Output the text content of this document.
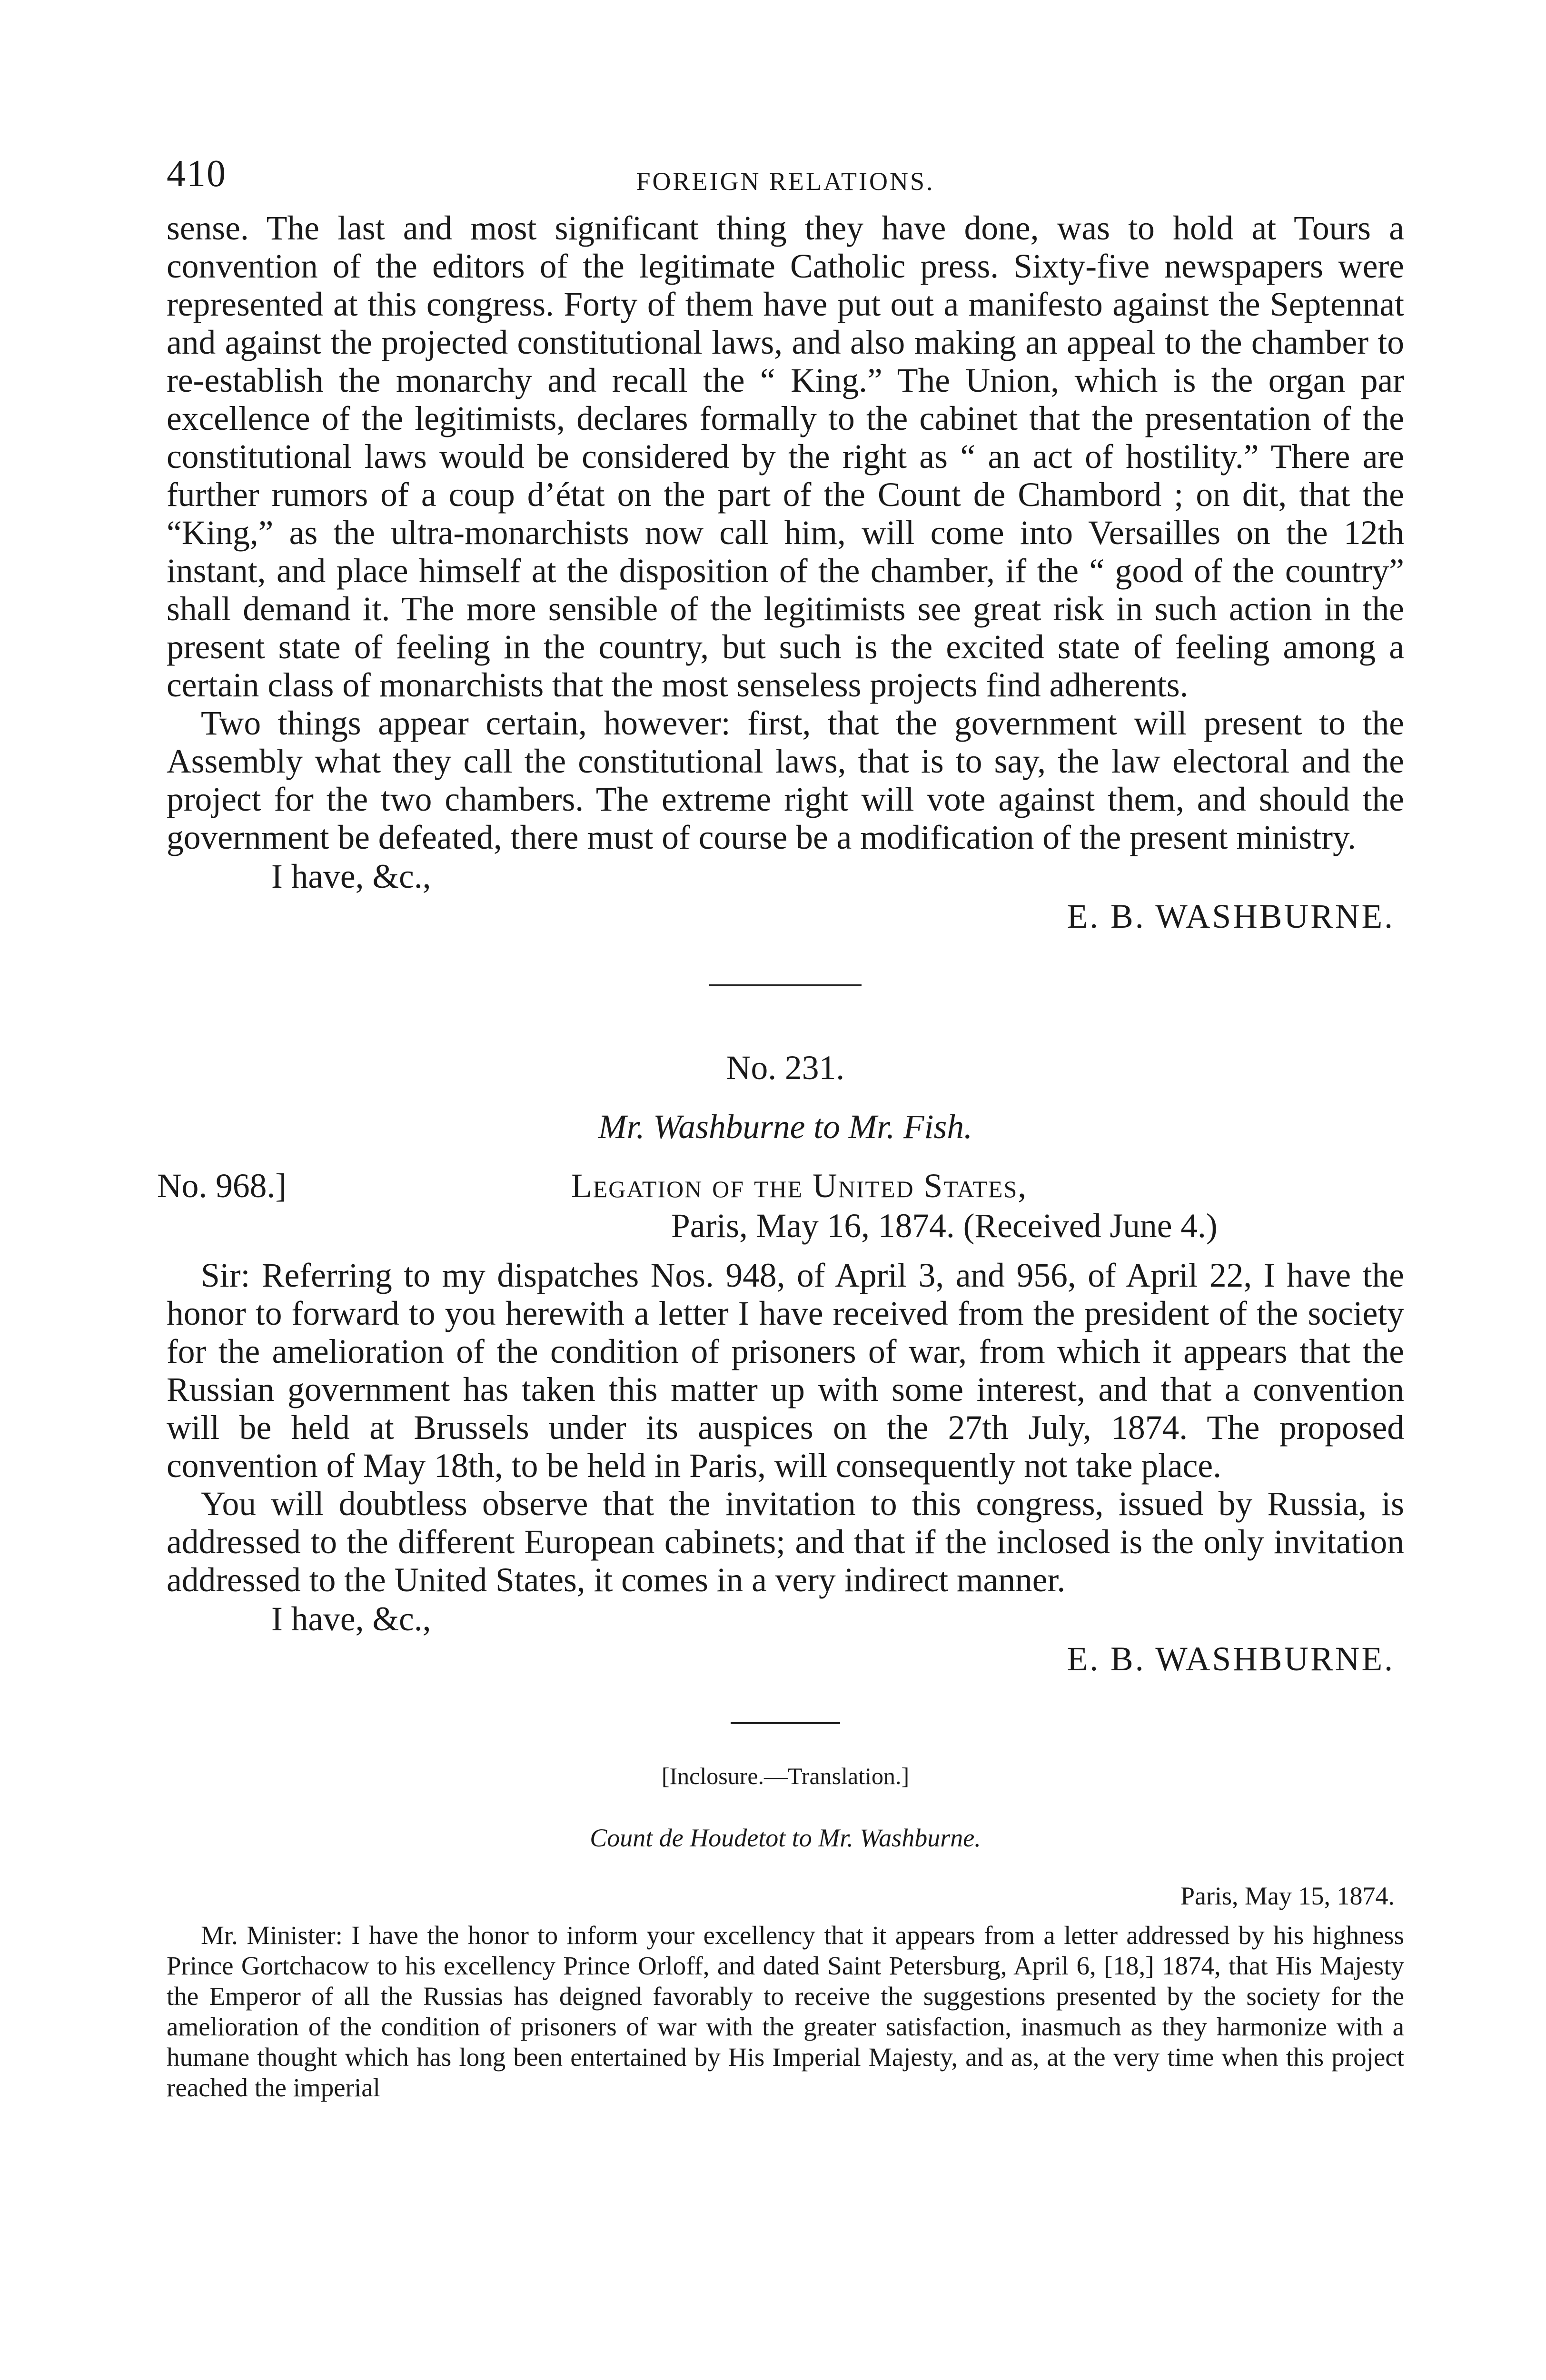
410	FOREIGN RELATIONS.

sense. The last and most significant thing they have done, was to hold at Tours a convention of the editors of the legitimate Catholic press. Sixty-five newspapers were represented at this congress. Forty of them have put out a manifesto against the Septennat and against the projected constitutional laws, and also making an appeal to the chamber to re-establish the monarchy and recall the “ King.” The Union, which is the organ par excellence of the legitimists, declares formally to the cabinet that the presentation of the constitutional laws would be considered by the right as “ an act of hostility.” There are further rumors of a coup d’état on the part of the Count de Chambord ; on dit, that the “King,” as the ultra-monarchists now call him, will come into Versailles on the 12th instant, and place himself at the disposition of the chamber, if the “ good of the country” shall demand it. The more sensible of the legitimists see great risk in such action in the present state of feeling in the country, but such is the excited state of feeling among a certain class of monarchists that the most senseless projects find adherents.

Two things appear certain, however: first, that the government will present to the Assembly what they call the constitutional laws, that is to say, the law electoral and the project for the two chambers. The extreme right will vote against them, and should the government be defeated, there must of course be a modification of the present ministry.

I have, &c.,

E. B. WASHBURNE.

No. 231.

Mr. Washburne to Mr. Fish.

No. 968.]	Legation of the United States,
Paris, May 16, 1874. (Received June 4.)

Sir: Referring to my dispatches Nos. 948, of April 3, and 956, of April 22, I have the honor to forward to you herewith a letter I have received from the president of the society for the amelioration of the condition of prisoners of war, from which it appears that the Russian government has taken this matter up with some interest, and that a convention will be held at Brussels under its auspices on the 27th July, 1874. The proposed convention of May 18th, to be held in Paris, will consequently not take place.

You will doubtless observe that the invitation to this congress, issued by Russia, is addressed to the different European cabinets; and that if the inclosed is the only invitation addressed to the United States, it comes in a very indirect manner.

I have, &c.,

E. B. WASHBURNE.

[Inclosure.—Translation.]

Count de Houdetot to Mr. Washburne.

Paris, May 15, 1874.

Mr. Minister: I have the honor to inform your excellency that it appears from a letter addressed by his highness Prince Gortchacow to his excellency Prince Orloff, and dated Saint Petersburg, April 6, [18,] 1874, that His Majesty the Emperor of all the Russias has deigned favorably to receive the suggestions presented by the society for the amelioration of the condition of prisoners of war with the greater satisfaction, inasmuch as they harmonize with a humane thought which has long been entertained by His Imperial Majesty, and as, at the very time when this project reached the imperial
